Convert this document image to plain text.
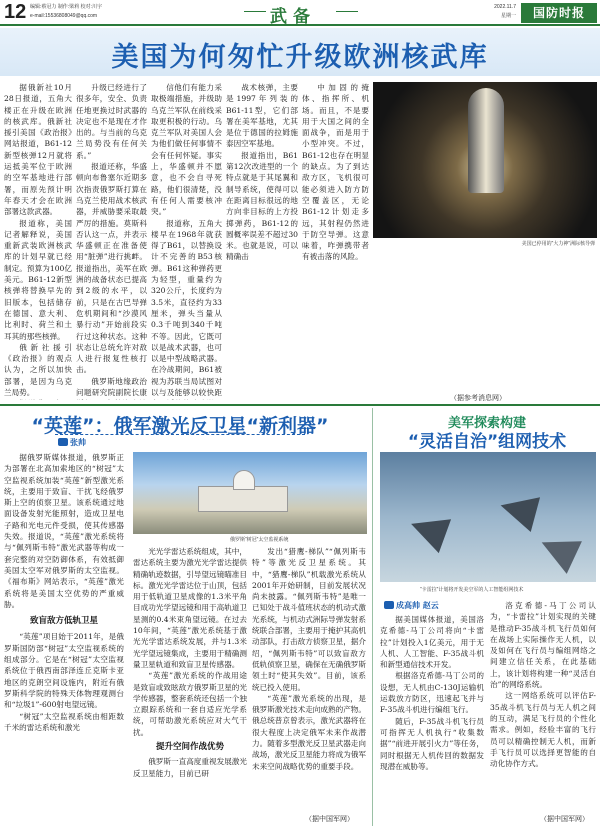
12 编辑:蔡冠力 制作:梁莉 校对:川宇
e-mail:15536808049@qq.com	武备	2022.11.7
星期一	国防时报
美国为何匆忙升级欧洲核武库

据俄新社10月28日报道，五角大楼正在升级在欧洲的核武库。俄新社援引美国《政治报》网站报道，B61-12新型核弹12月就将运抵美军位于欧洲的空军基地进行部署，而原先预计明年春天才会在欧洲部署这款武器。

报道称，美国记者解释说，美国重新武装欧洲核武库的计划早就已经制定。预算为100亿美元。B61-12新型核弹将替换早先的旧版本，包括储存在德国、意大利、比利时、荷兰和土耳其的那些核弹。

俄新社援引《政治报》的观点认为，之所以加快部署，是因为乌克兰局势。

升级已经进行了很多年，安全、负责任地更换过时武器的决定也不是现在才作出的。与当前的乌克兰局势没有任何关系。”

报道还称，华盛顿向布鲁塞尔近期多次指责俄罗斯打算在乌克兰使用战术核武器，并威胁要采取最严厉的措施。莫斯科否认这一点，并表示华盛顿正在准备使用“脏弹”进行挑衅。报道指出，美军在欧洲的战备状态已提高到2级的水平，以前，只是在古巴导弹危机期间和“沙漠风暴行动”开始前段实行过这种状态。这种状态让总统允许对敌人进行报复性核打击。

俄罗斯地缘政治问题研究院副院长康

信他们有能力采取极端措施，并级助乌克兰军队在前线采取更积极的行动。乌克兰军队对美国人会为他们做任何事情不会有任何怀疑。事实上，华盛顿并不愿意，也不会自寻死路，他们很清楚，没有任何人需要核冲突。”

报道称，五角大楼早在1968年就获得了B61，以替换设计不完善的B53核弹。B61这种弹药更为轻型，重量约为320公斤，长度约为3.5米，直径约为33厘米，弹头当量从0.3千吨到340千吨不等。因此，它既可以是战术武器，也可以是中型战略武器。在冷战期间，B61被视为苏联当局试图对以与及能够以较快距

战术核弹，主要是1997年列装的B61-11型，它们部署在美军基地，尤其是位于德国的拉姆施泰因空军基地。

报道指出，B61第12次改进型的一个特点就是于其尾翼和制导系统，使得可以在距离目标很远的地方向非目标的上方投掷弹药，B61-12的圆概率误差不超过30米。也就是说，可以精确击

中加固的掩体、指挥所、机场。而且，不是要用于大国之间的全面战争，而是用于小型冲突。不过，B61-12也存在明显的缺点。为了到达敌方区，飞机很可能必须进入防方防空覆盖区，无论B61-12计划走多远，其射程仍然进于防空导弹。这意味着，咋弹携带者有被击落的风险。

美国已停用的“大力神”洲际核导弹
（据参考消息网）
“英莲”：俄军激光反卫星“新利器”
张帅

据俄罗斯媒体报道，俄罗斯正为部署在北高加索地区的“树冠”太空监视系统加装“英莲”新型激光系统，主要用于致盲、干扰飞经俄罗斯上空的侦察卫星。该系统通过地面设备发射光能照射，造成卫星电子路和光电元件受损，使其传感器失效。报道说，“英莲”激光系统将与“佩列斯韦特”激光武器等构成一套完整的对空防御体系，有效抵御美国太空军对俄罗斯的太空监视。《福布斯》网站表示，“英莲”激光系统将是美国太空优势的严重威胁。

致盲敌方低轨卫星

“英莲”项目始于2011年，是俄罗斯国防部“树冠”太空监视系统的组成部分。它是在“树冠”太空监视系统位于俄西南部泽连丘克斯卡亚地区的克朗空间设施内，附近有俄罗斯科学院的特殊天体物理观测台和“垃圾1”-600射电望远镜。

“树冠”太空监视系统由相距数千米的雷达系统和激光

俄罗斯“树冠”太空监视系统

光光学雷达系统组成，其中，雷达系统主要为激光光学雷达提供精确轨迹数据，引导望远镜瞄准目标。激光光学雷达位于山顶，包括用于低轨道卫星成像的1.3米平角目成功光学望远镜和用于高轨道卫星测的0.4米束角望远镜。在过去10年间，“英莲”激光系统基于激光光学雷达系统发展，并与1.3米光学望远镜集成，主要用于精确测量卫星轨道和致盲卫星传感器。

“英莲”激光系统的作战用途是致盲或致眩敌方俄罗斯卫星的光学传感器，整套系统还包括一个独立跟踪系统和一套自适应光学系统，可帮助激光系统应对大气干扰。

提升空间作战优势

俄罗斯一直高度重视发展激光反卫星能力，目前已研

发出“猎鹰-梯队”“佩列斯韦特”等激光反卫星系统。其中，“猎鹰-梯队”机载激光系统从2001年开始研制，目前发展状况尚未披露。“佩列斯韦特”是唯一已知处于战斗值班状态的机动式激光系统，与机动式洲际导弹发射系统联合部署，主要用于掩护其高机动部队，打击敌方侦察卫星，据介绍，“佩列斯韦特”可以致盲敌方低轨侦察卫星，确保在无确俄罗斯领土时“使其失效”。目前，该系统已投入使用。

“英莲”激光系统的出现，是俄罗斯激光技术走向成熟的产物。俄总统普京曾表示，激光武器将在很大程度上决定俄军未来作战潜力。随着多型激光反卫星武器走向战场，激光反卫星能力将成为俄军未来空间战略优势的重要手段。

（据中国军网）
美军探索构建
“灵活自治”组网技术
“卡雷拉”计划将开发美空军的人工智能组网技术
成高帅 赵云

据美国媒体报道，美国洛克希德-马丁公司将向“卡雷拉”计划投入1亿美元，用于无人机、人工智能、F-35战斗机和新型通信技术开发。

根据洛克希德-马丁公司的设想，无人机由C-130J运输机运载放方防区，迅速起飞并与F-35战斗机进行编组飞行。

随后，F-35战斗机飞行员可指挥无人机执行“收集数据”“前进开展引火力”等任务，同时根据无人机传回的数据发现潜在威胁等。

洛克希德-马丁公司认为，“卡雷拉”计划实现的关键是推动F-35战斗机飞行员如何在战场上实际操作无人机，以及如何在飞行员与编组网络之间建立信任关系，在此基础上，该计划将构建一种“灵活自治”的网络系统。

这一网络系统可以评估F-35战斗机飞行员与无人机之间的互动，满足飞行员的个性化需求。例如，经验丰富的飞行员可以精确控制无人机，而新手飞行员可以选择更智能的自动化协作方式。

（据中国军网）
